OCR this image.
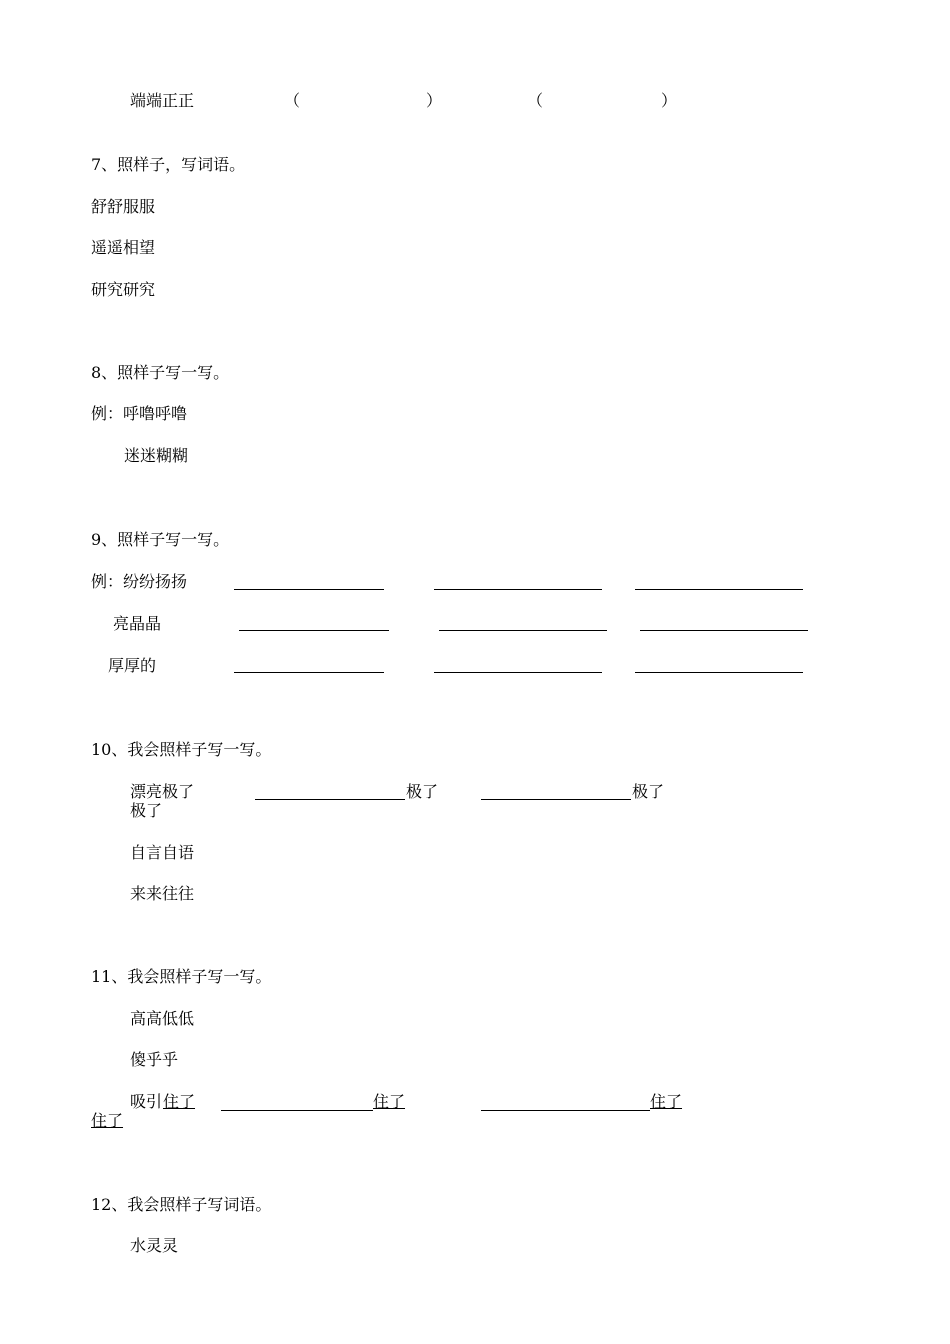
端端正正	（	）	（	）
7、照样子，写词语。
舒舒服服
遥遥相望
研究研究
8、照样子写一写。
例：呼噜呼噜
迷迷糊糊
9、照样子写一写。
例：纷纷扬扬
亮晶晶
厚厚的
10、我会照样子写一写。
漂亮极了	极了	极了
极了
自言自语
来来往往
11、我会照样子写一写。
高高低低
傻乎乎
吸引 住了	住了	住了
住了
12、我会照样子写词语。
水灵灵
